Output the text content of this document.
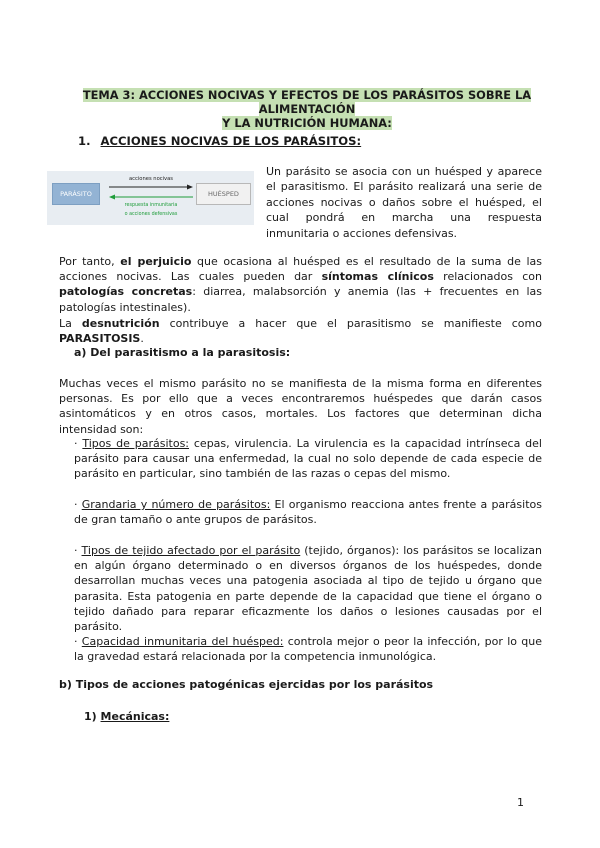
TEMA 3: ACCIONES NOCIVAS Y EFECTOS DE LOS PARÁSITOS SOBRE LA ALIMENTACIÓN
Y LA NUTRICIÓN HUMANA:
1. ACCIONES NOCIVAS DE LOS PARÁSITOS:
PARÁSITO
acciones nocivas
respuesta inmunitaria
o acciones defensivas
HUÉSPED

Un parásito se asocia con un huésped y aparece el parasitismo. El parásito realizará una serie de acciones nocivas o daños sobre el huésped, el cual pondrá en marcha una respuesta inmunitaria o acciones defensivas.

Por tanto, el perjuicio que ocasiona al huésped es el resultado de la suma de las acciones nocivas. Las cuales pueden dar síntomas clínicos relacionados con patologías concretas: diarrea, malabsorción y anemia (las + frecuentes en las patologías intestinales).

La desnutrición contribuye a hacer que el parasitismo se manifieste como PARASITOSIS.

a) Del parasitismo a la parasitosis:

Muchas veces el mismo parásito no se manifiesta de la misma forma en diferentes personas. Es por ello que a veces encontraremos huéspedes que darán casos asintomáticos y en otros casos, mortales. Los factores que determinan dicha intensidad son:

· Tipos de parásitos: cepas, virulencia. La virulencia es la capacidad intrínseca del parásito para causar una enfermedad, la cual no solo depende de cada especie de parásito en particular, sino también de las razas o cepas del mismo.

· Grandaria y número de parásitos: El organismo reacciona antes frente a parásitos de gran tamaño o ante grupos de parásitos.

· Tipos de tejido afectado por el parásito (tejido, órganos): los parásitos se localizan en algún órgano determinado o en diversos órganos de los huéspedes, donde desarrollan muchas veces una patogenia asociada al tipo de tejido u órgano que parasita. Esta patogenia en parte depende de la capacidad que tiene el órgano o tejido dañado para reparar eficazmente los daños o lesiones causadas por el parásito.

· Capacidad inmunitaria del huésped: controla mejor o peor la infección, por lo que la gravedad estará relacionada por la competencia inmunológica.

b) Tipos de acciones patogénicas ejercidas por los parásitos
1) Mecánicas:
1
